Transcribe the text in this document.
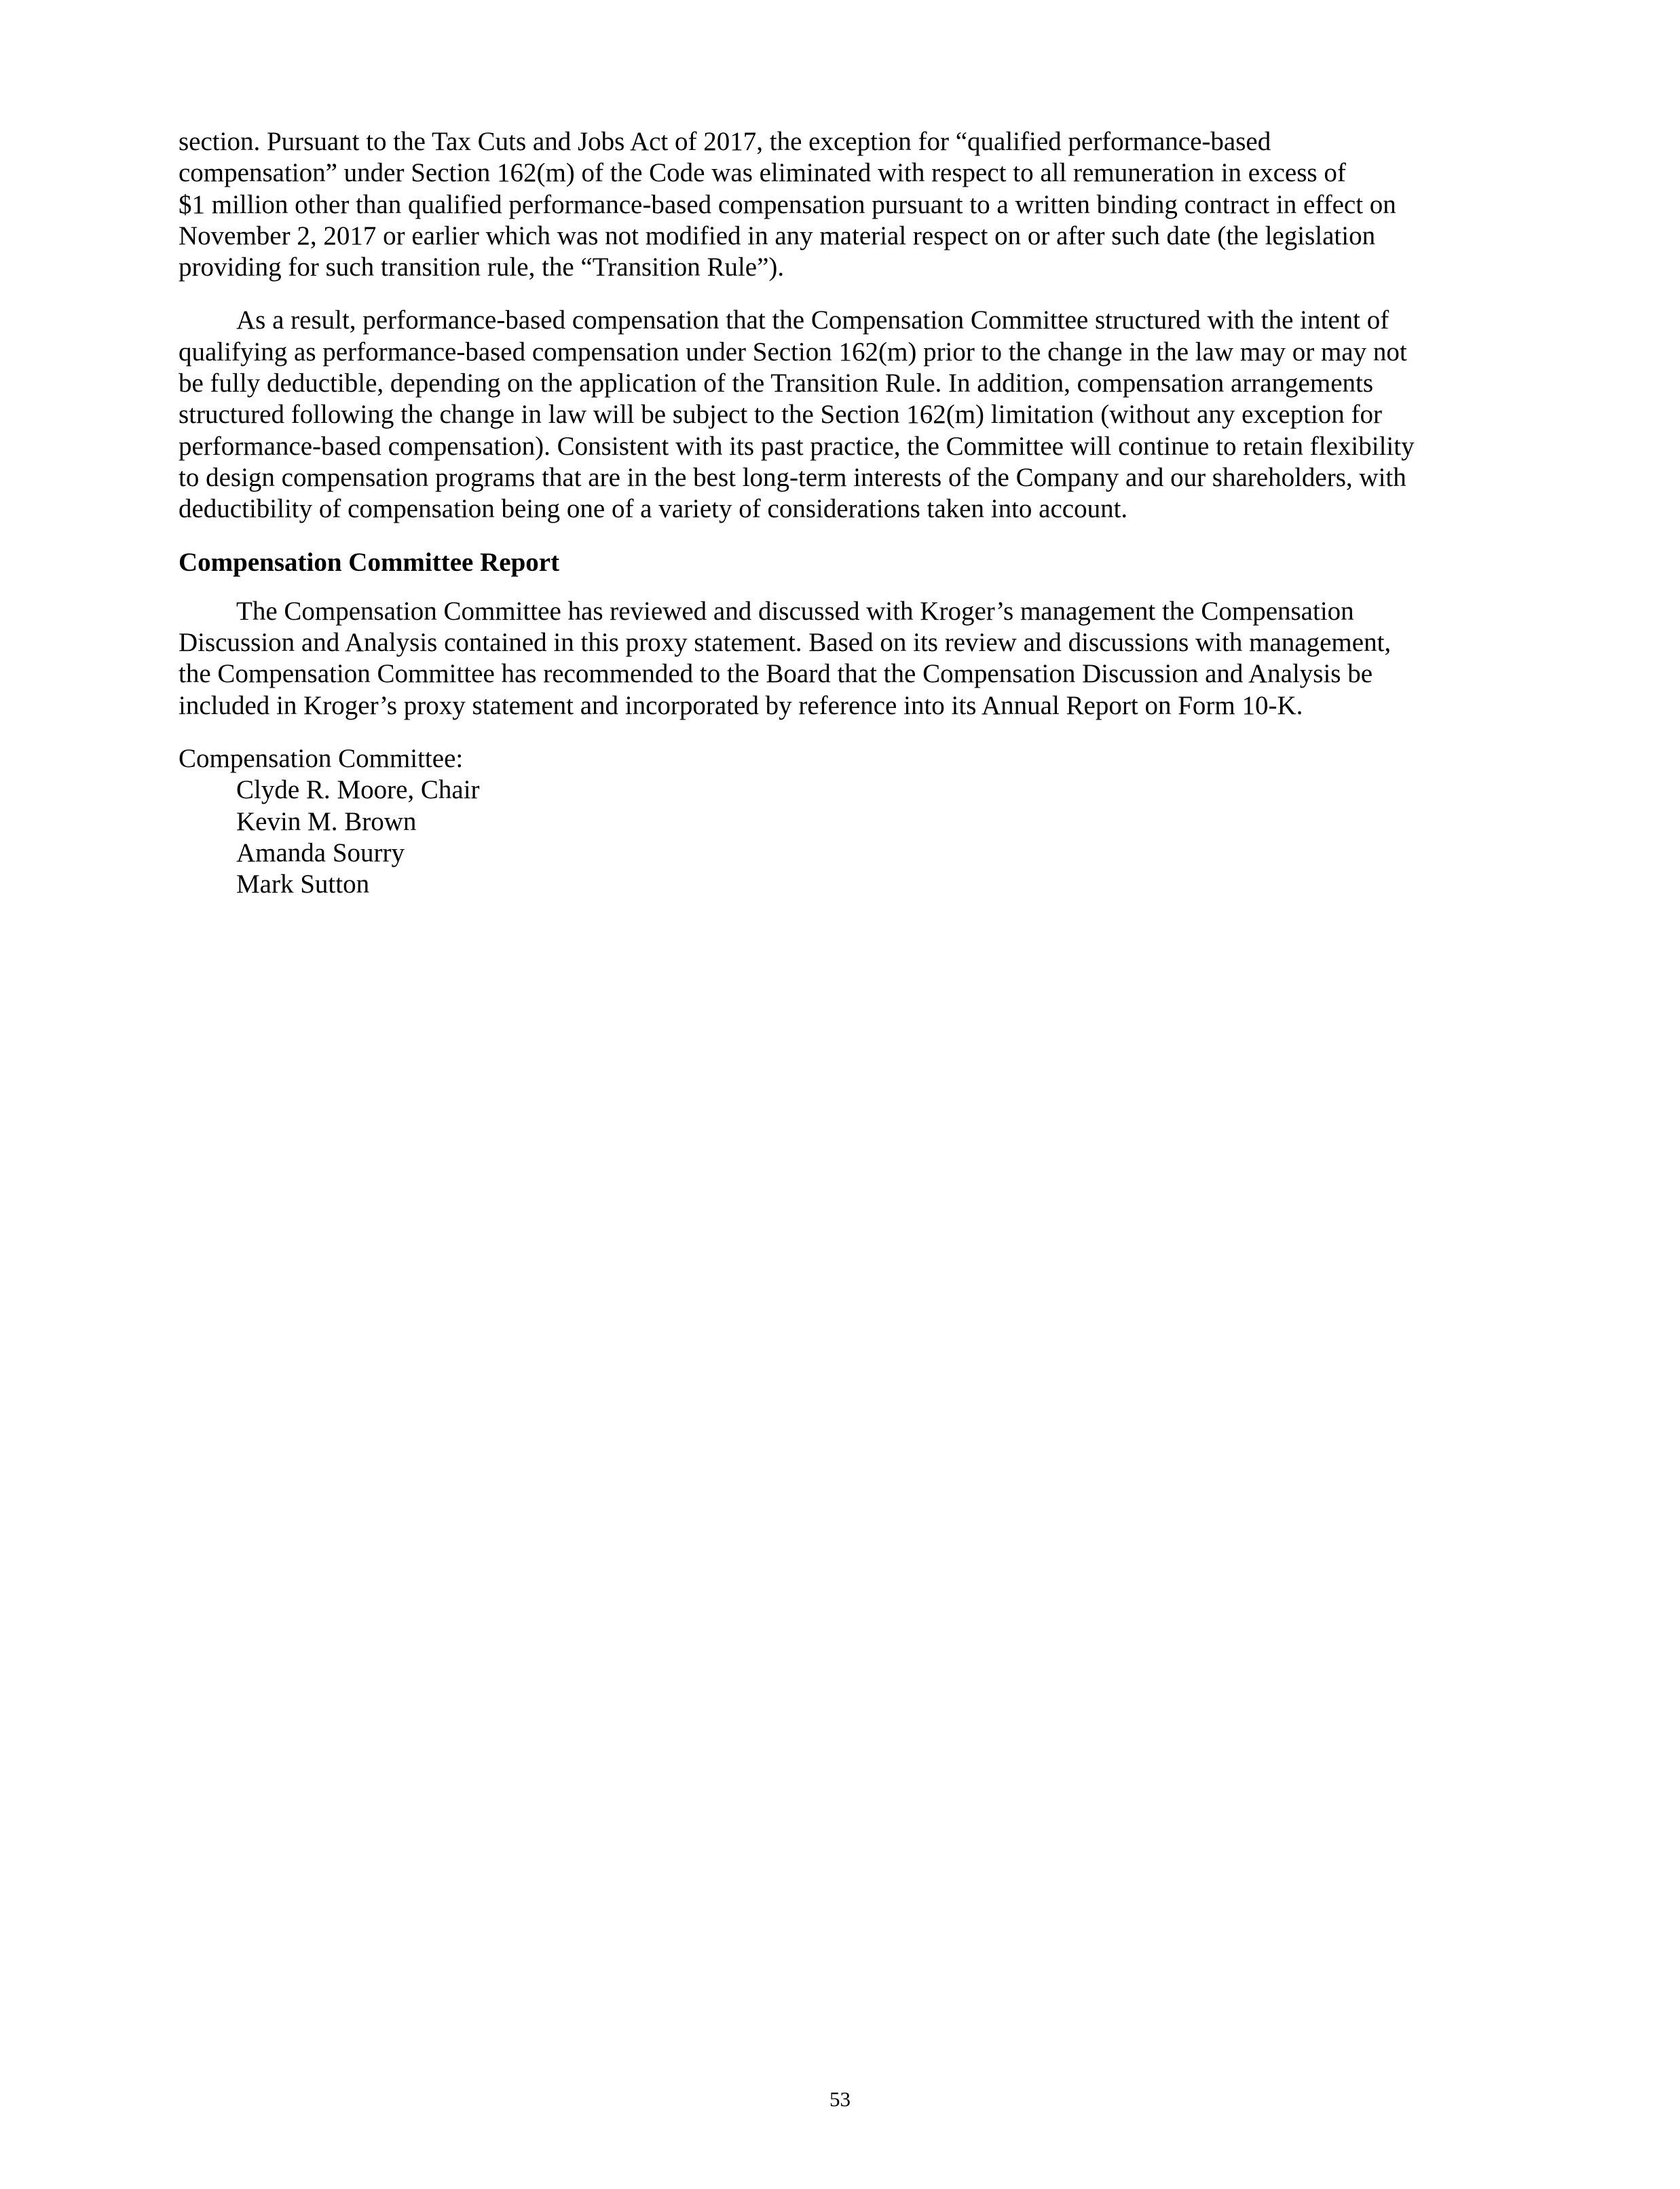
section. Pursuant to the Tax Cuts and Jobs Act of 2017, the exception for “qualified performance-based

compensation” under Section 162(m) of the Code was eliminated with respect to all remuneration in excess of

$1 million other than qualified performance-based compensation pursuant to a written binding contract in effect on

November 2, 2017 or earlier which was not modified in any material respect on or after such date (the legislation

providing for such transition rule, the “Transition Rule”).

As a result, performance-based compensation that the Compensation Committee structured with the intent of

qualifying as performance-based compensation under Section 162(m) prior to the change in the law may or may not

be fully deductible, depending on the application of the Transition Rule. In addition, compensation arrangements

structured following the change in law will be subject to the Section 162(m) limitation (without any exception for

performance-based compensation). Consistent with its past practice, the Committee will continue to retain flexibility

to design compensation programs that are in the best long-term interests of the Company and our shareholders, with

deductibility of compensation being one of a variety of considerations taken into account.

Compensation Committee Report

The Compensation Committee has reviewed and discussed with Kroger’s management the Compensation

Discussion and Analysis contained in this proxy statement. Based on its review and discussions with management,

the Compensation Committee has recommended to the Board that the Compensation Discussion and Analysis be

included in Kroger’s proxy statement and incorporated by reference into its Annual Report on Form 10-K.

Compensation Committee:

Clyde R. Moore, Chair

Kevin M. Brown

Amanda Sourry

Mark Sutton

53
